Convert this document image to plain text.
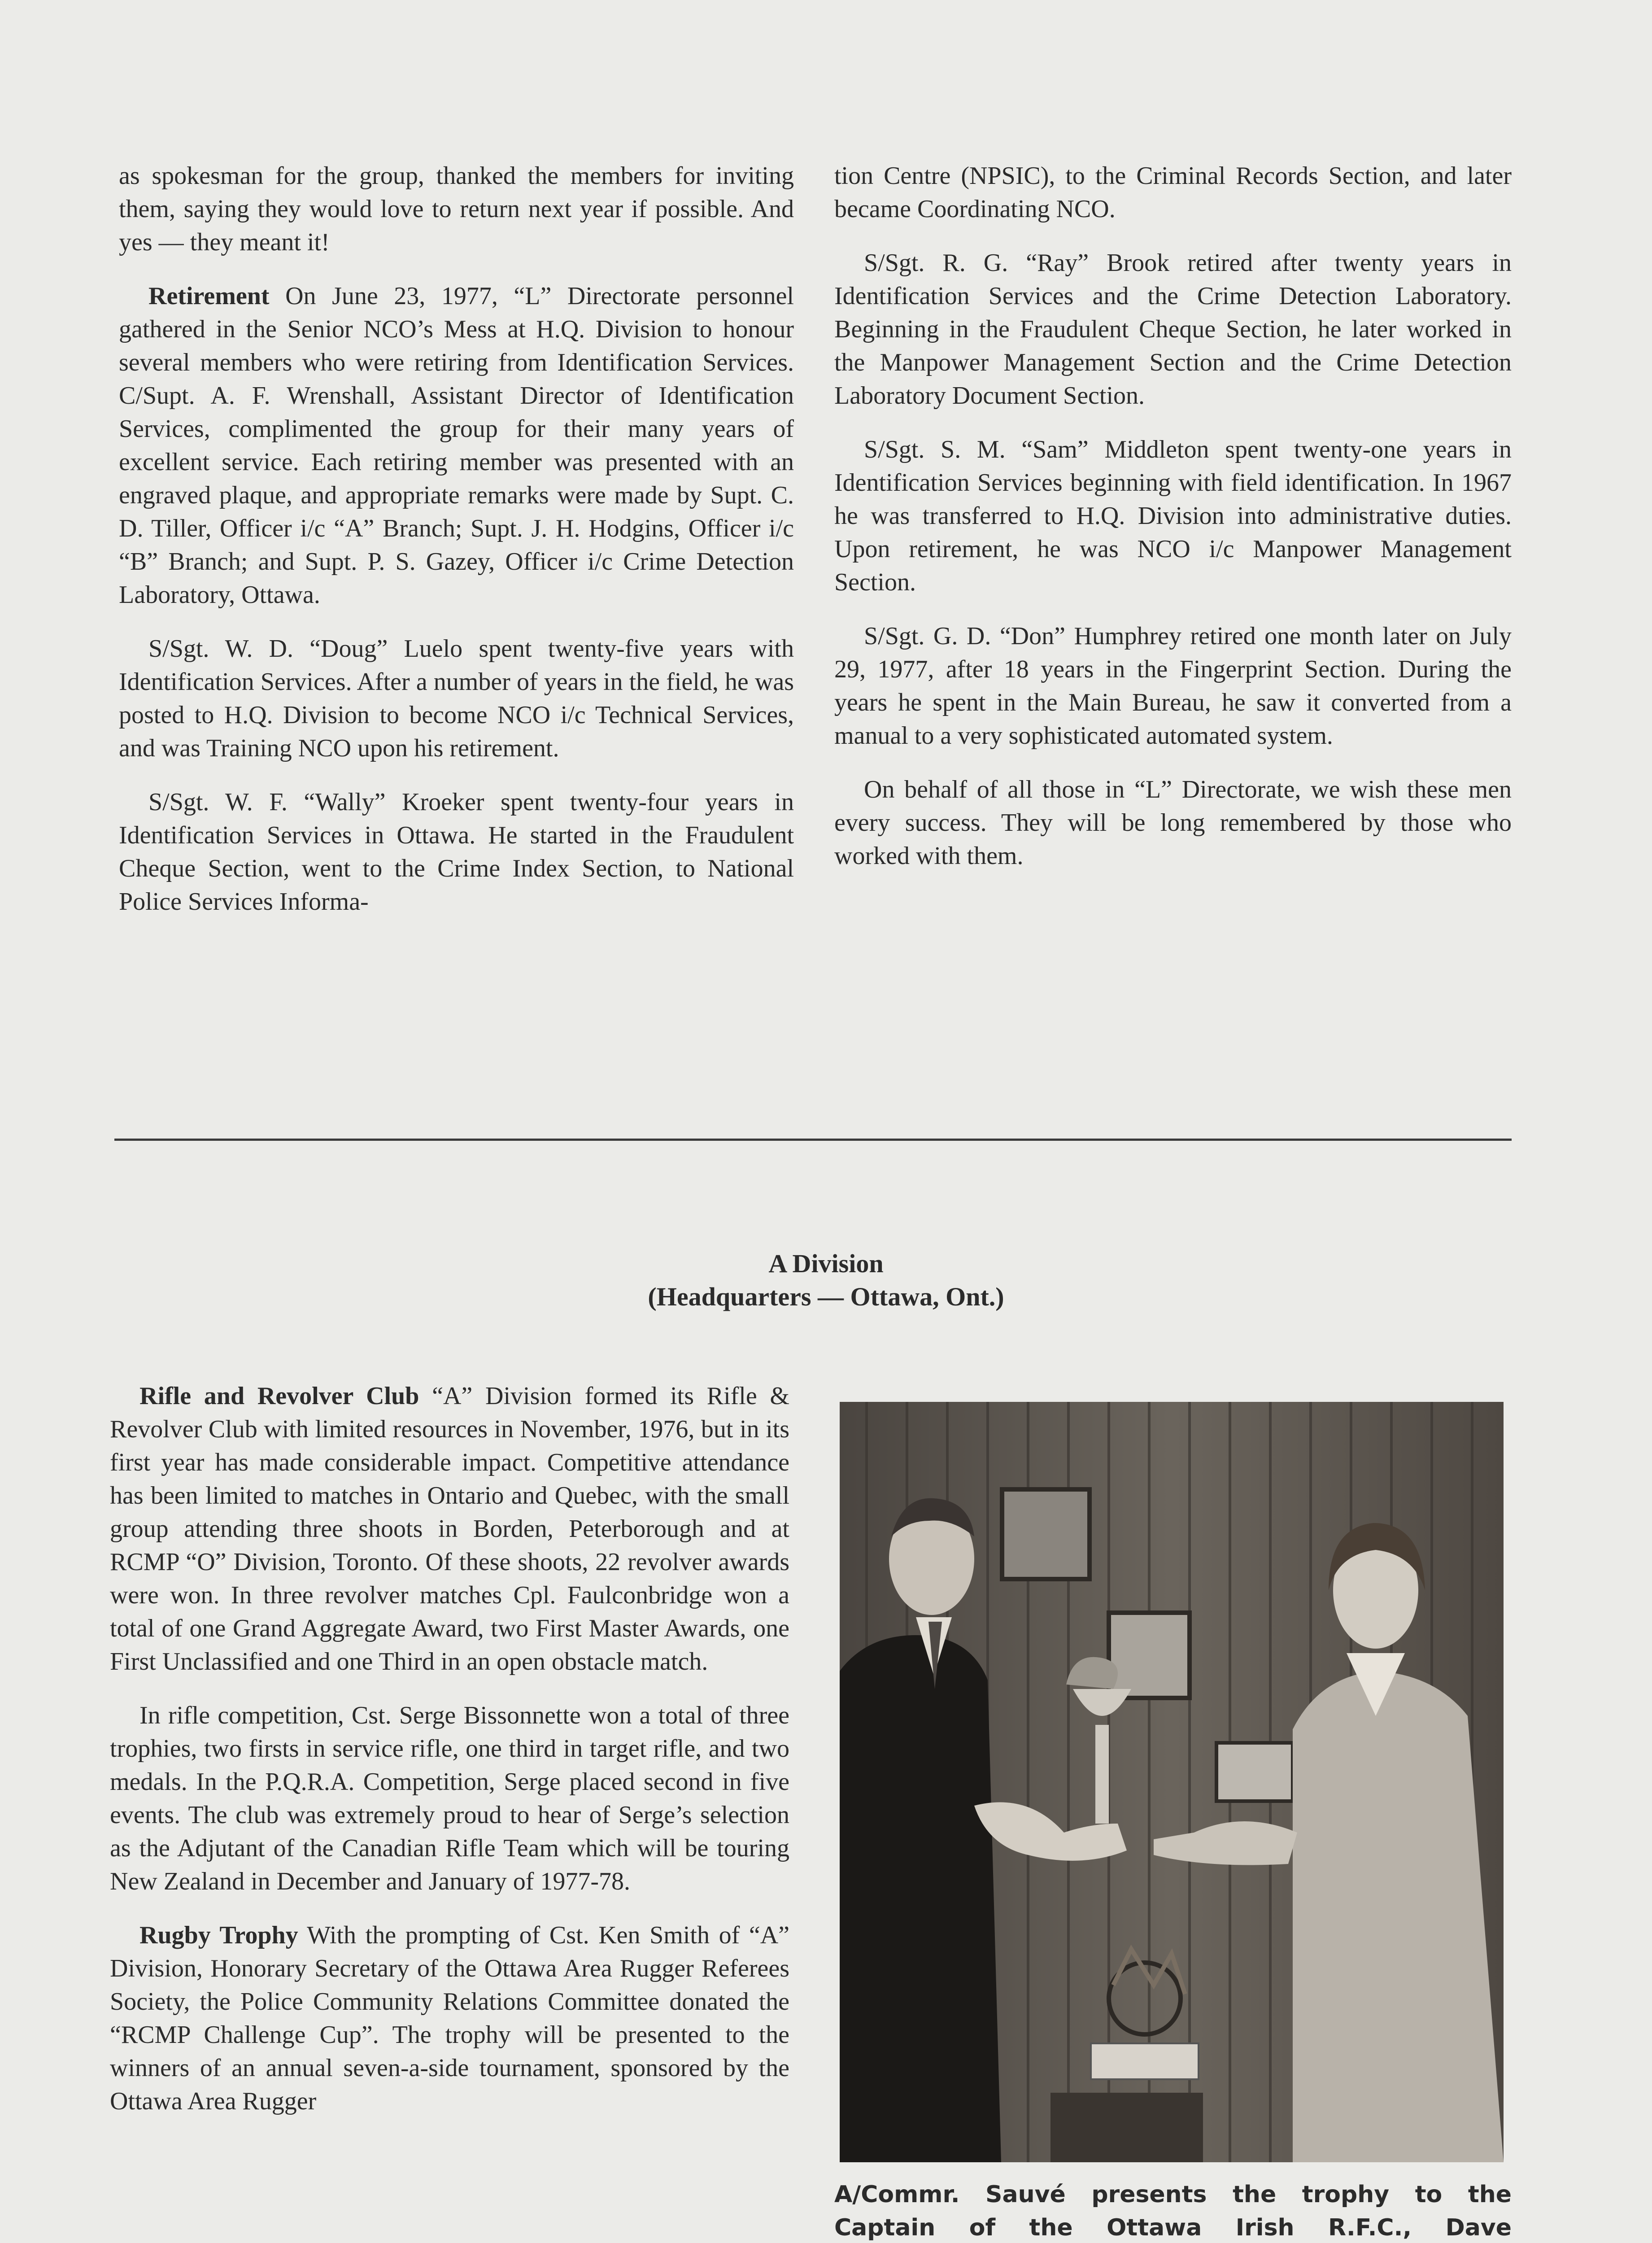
as spokesman for the group, thanked the members for inviting them, saying they would love to return next year if possible. And yes — they meant it!

Retirement On June 23, 1977, “L” Directorate personnel gathered in the Senior NCO’s Mess at H.Q. Division to honour several members who were retiring from Identification Services. C/Supt. A. F. Wrenshall, Assistant Director of Identification Services, complimented the group for their many years of excellent service. Each retiring member was presented with an engraved plaque, and appropriate remarks were made by Supt. C. D. Tiller, Officer i/c “A” Branch; Supt. J. H. Hodgins, Officer i/c “B” Branch; and Supt. P. S. Gazey, Officer i/c Crime Detection Laboratory, Ottawa.

S/Sgt. W. D. “Doug” Luelo spent twenty-five years with Identification Services. After a number of years in the field, he was posted to H.Q. Division to become NCO i/c Technical Services, and was Training NCO upon his retirement.

S/Sgt. W. F. “Wally” Kroeker spent twenty-four years in Identification Services in Ottawa. He started in the Fraudulent Cheque Section, went to the Crime Index Section, to National Police Services Informa-

tion Centre (NPSIC), to the Criminal Records Section, and later became Coordinating NCO.

S/Sgt. R. G. “Ray” Brook retired after twenty years in Identification Services and the Crime Detection Laboratory. Beginning in the Fraudulent Cheque Section, he later worked in the Manpower Management Section and the Crime Detection Laboratory Document Section.

S/Sgt. S. M. “Sam” Middleton spent twenty-one years in Identification Services beginning with field identification. In 1967 he was transferred to H.Q. Division into administrative duties. Upon retirement, he was NCO i/c Manpower Management Section.

S/Sgt. G. D. “Don” Humphrey retired one month later on July 29, 1977, after 18 years in the Fingerprint Section. During the years he spent in the Main Bureau, he saw it converted from a manual to a very sophisticated automated system.

On behalf of all those in “L” Directorate, we wish these men every success. They will be long remembered by those who worked with them.

A Division
(Headquarters — Ottawa, Ont.)

Rifle and Revolver Club “A” Division formed its Rifle & Revolver Club with limited resources in November, 1976, but in its first year has made considerable impact. Competitive attendance has been limited to matches in Ontario and Quebec, with the small group attending three shoots in Borden, Peterborough and at RCMP “O” Division, Toronto. Of these shoots, 22 revolver awards were won. In three revolver matches Cpl. Faulconbridge won a total of one Grand Aggregate Award, two First Master Awards, one First Unclassified and one Third in an open obstacle match.

In rifle competition, Cst. Serge Bissonnette won a total of three trophies, two firsts in service rifle, one third in target rifle, and two medals. In the P.Q.R.A. Competition, Serge placed second in five events. The club was extremely proud to hear of Serge’s selection as the Adjutant of the Canadian Rifle Team which will be touring New Zealand in December and January of 1977-78.

Rugby Trophy With the prompting of Cst. Ken Smith of “A” Division, Honorary Secretary of the Ottawa Area Rugger Referees Society, the Police Community Relations Committee donated the “RCMP Challenge Cup”. The trophy will be presented to the winners of an annual seven-a-side tournament, sponsored by the Ottawa Area Rugger

A/Commr. Sauvé presents the trophy to the Captain of the Ottawa Irish R.F.C., Dave
